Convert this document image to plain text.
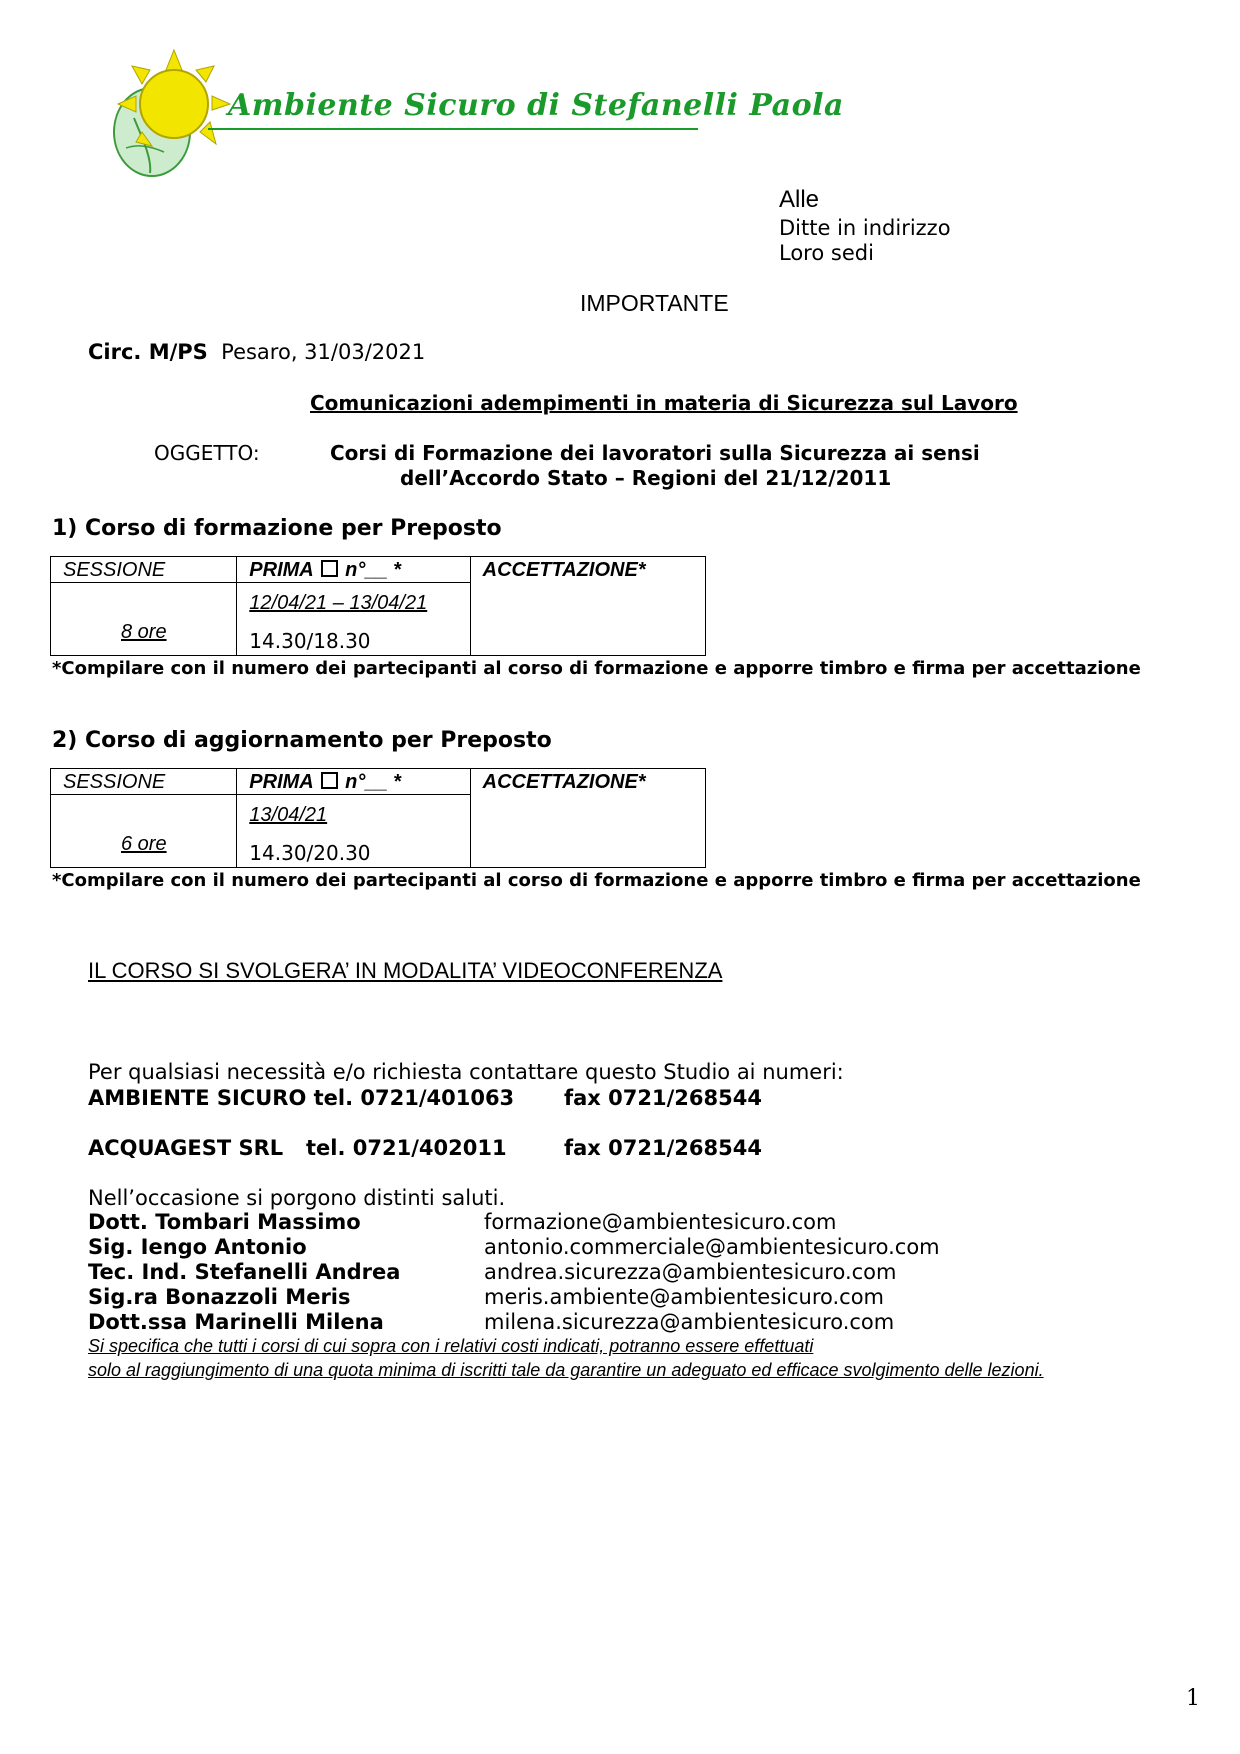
Ambiente Sicuro di Stefanelli Paola
Alle
Ditte in indirizzo
Loro sedi
IMPORTANTE
Circ. M/PS Pesaro, 31/03/2021
Comunicazioni adempimenti in materia di Sicurezza sul Lavoro
OGGETTO:	Corsi di Formazione dei lavoratori sulla Sicurezza ai sensi
dell’Accordo Stato – Regioni del 21/12/2011
1) Corso di formazione per Preposto
SESSIONE	PRIMA n°__ *	ACCETTAZIONE*

8 ore	12/04/21 – 13/04/21
14.30/18.30	
*Compilare con il numero dei partecipanti al corso di formazione e apporre timbro e firma per accettazione
2) Corso di aggiornamento per Preposto
SESSIONE	PRIMA n°__ *	ACCETTAZIONE*

6 ore	13/04/21
14.30/20.30	
*Compilare con il numero dei partecipanti al corso di formazione e apporre timbro e firma per accettazione
IL CORSO SI SVOLGERA’ IN MODALITA’ VIDEOCONFERENZA
Per qualsiasi necessità e/o richiesta contattare questo Studio ai numeri:
AMBIENTE SICURO tel. 0721/401063 fax 0721/268544
ACQUAGEST SRL tel. 0721/402011	fax 0721/268544
Nell’occasione si porgono distinti saluti.
Dott. Tombari Massimo	formazione@ambientesicuro.com
Sig. Iengo Antonio	antonio.commerciale@ambientesicuro.com
Tec. Ind. Stefanelli Andrea	andrea.sicurezza@ambientesicuro.com
Sig.ra Bonazzoli Meris	meris.ambiente@ambientesicuro.com
Dott.ssa Marinelli Milena	milena.sicurezza@ambientesicuro.com
Si specifica che tutti i corsi di cui sopra con i relativi costi indicati, potranno essere effettuati
solo al raggiungimento di una quota minima di iscritti tale da garantire un adeguato ed efficace svolgimento delle lezioni.
1
